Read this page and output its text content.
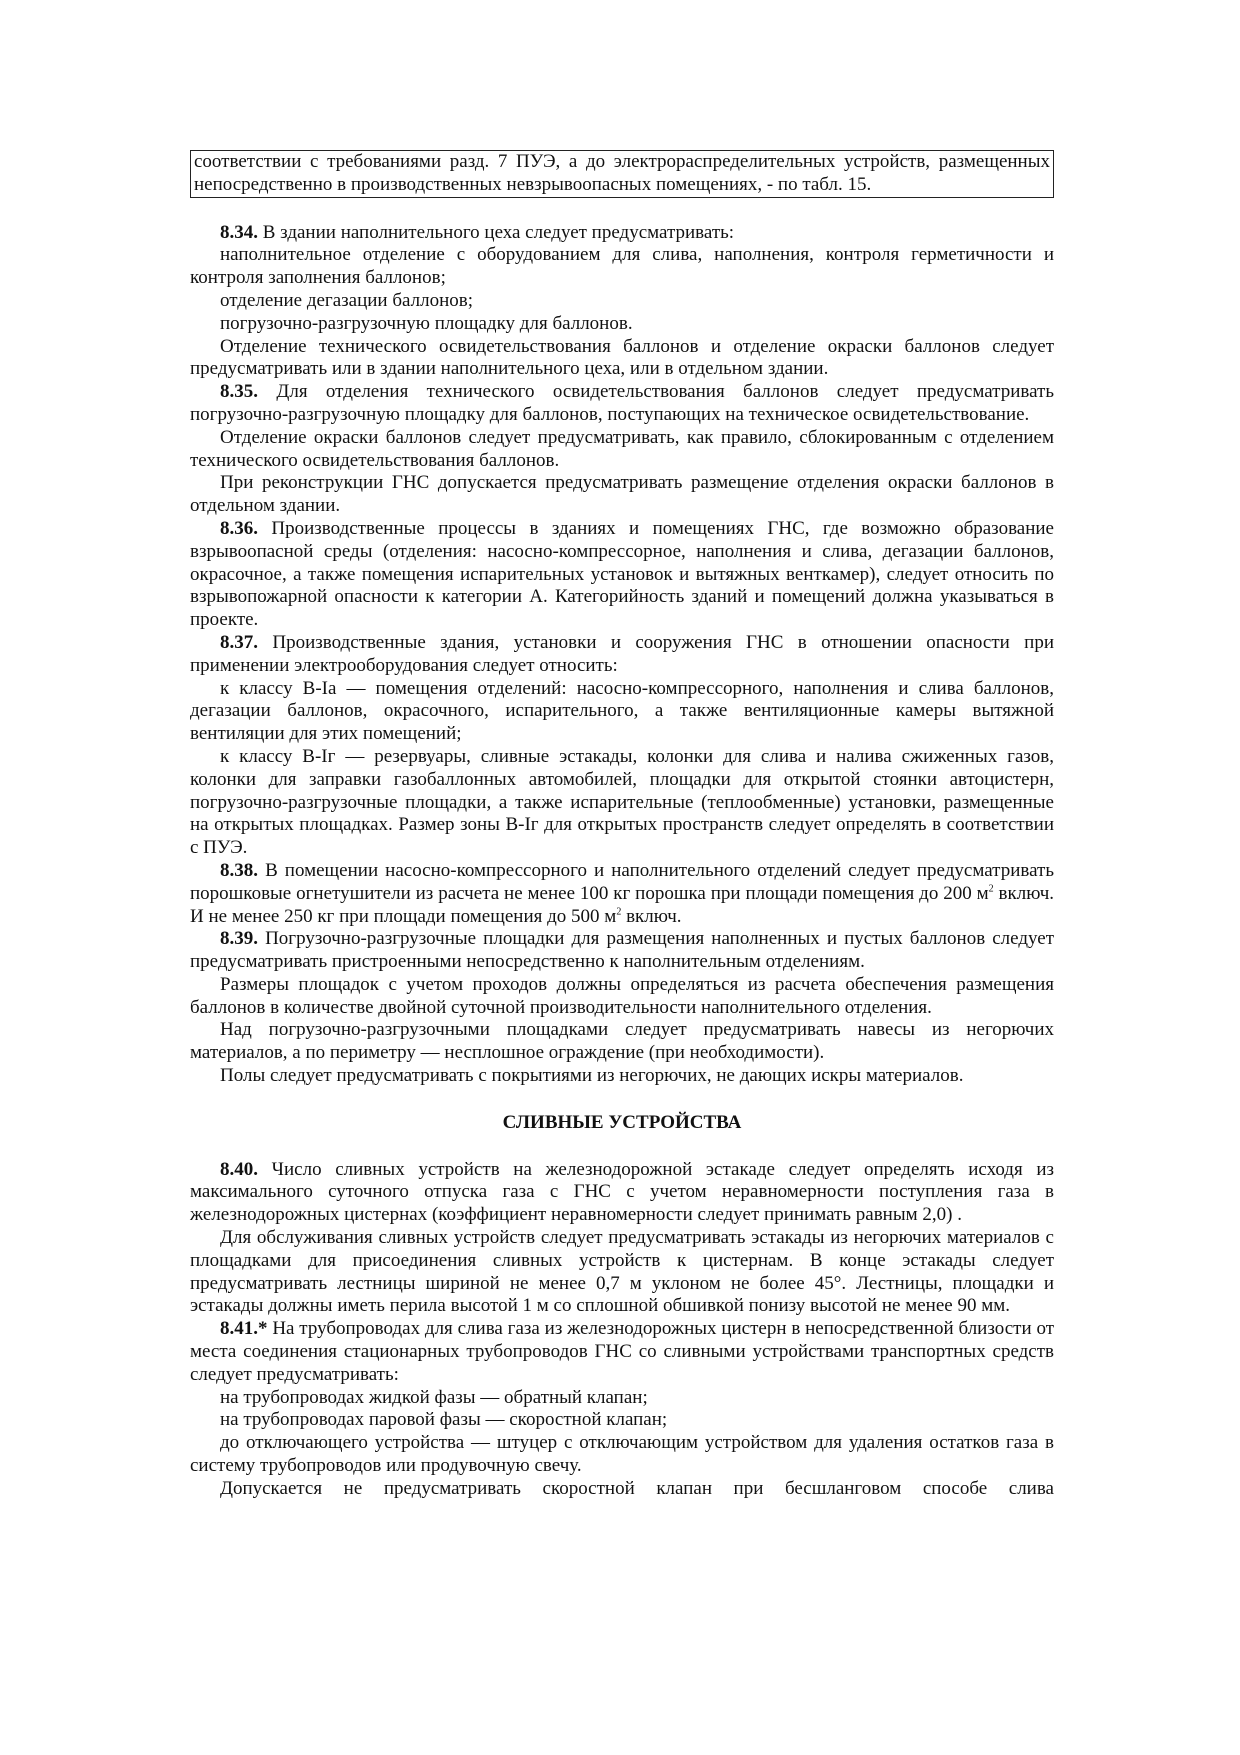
соответствии с требованиями разд. 7 ПУЭ, а до электрораспределительных устройств, размещенных непосредственно в производственных невзрывоопасных помещениях, - по табл. 15.

8.34. В здании наполнительного цеха следует предусматривать:

наполнительное отделение с оборудованием для слива, наполнения, контроля герметичности и контроля заполнения баллонов;

отделение дегазации баллонов;

погрузочно-разгрузочную площадку для баллонов.

Отделение технического освидетельствования баллонов и отделение окраски баллонов следует предусматривать или в здании наполнительного цеха, или в отдельном здании.

8.35. Для отделения технического освидетельствования баллонов следует предусматривать погрузочно-разгрузочную площадку для баллонов, поступающих на техническое освидетельствование.

Отделение окраски баллонов следует предусматривать, как правило, сблокированным с отделением технического освидетельствования баллонов.

При реконструкции ГНС допускается предусматривать размещение отделения окраски баллонов в отдельном здании.

8.36. Производственные процессы в зданиях и помещениях ГНС, где возможно образование взрывоопасной среды (отделения: насосно-компрессорное, наполнения и слива, дегазации баллонов, окрасочное, а также помещения испарительных установок и вытяжных венткамер), следует относить по взрывопожарной опасности к категории А. Категорийность зданий и помещений должна указываться в проекте.

8.37. Производственные здания, установки и сооружения ГНС в отношении опасности при применении электрооборудования следует относить:

к классу В-Iа — помещения отделений: насосно-компрессорного, наполнения и слива баллонов, дегазации баллонов, окрасочного, испарительного, а также вентиляционные камеры вытяжной вентиляции для этих помещений;

к классу В-Iг — резервуары, сливные эстакады, колонки для слива и налива сжиженных газов, колонки для заправки газобаллонных автомобилей, площадки для открытой стоянки автоцистерн, погрузочно-разгрузочные площадки, а также испарительные (теплообменные) установки, размещенные на открытых площадках. Размер зоны В-Iг для открытых пространств следует определять в соответствии с ПУЭ.

8.38. В помещении насосно-компрессорного и наполнительного отделений следует предусматривать порошковые огнетушители из расчета не менее 100 кг порошка при площади помещения до 200 $м^2$ включ. И не менее 250 кг при площади помещения до 500 $м^2$ включ.

8.39. Погрузочно-разгрузочные площадки для размещения наполненных и пустых баллонов следует предусматривать пристроенными непосредственно к наполнительным отделениям.

Размеры площадок с учетом проходов должны определяться из расчета обеспечения размещения баллонов в количестве двойной суточной производительности наполнительного отделения.

Над погрузочно-разгрузочными площадками следует предусматривать навесы из негорючих материалов, а по периметру — несплошное ограждение (при необходимости).

Полы следует предусматривать с покрытиями из негорючих, не дающих искры материалов.

СЛИВНЫЕ УСТРОЙСТВА

8.40. Число сливных устройств на железнодорожной эстакаде следует определять исходя из максимального суточного отпуска газа с ГНС с учетом неравномерности поступления газа в железнодорожных цистернах (коэффициент неравномерности следует принимать равным 2,0) .

Для обслуживания сливных устройств следует предусматривать эстакады из негорючих материалов с площадками для присоединения сливных устройств к цистернам. В конце эстакады следует предусматривать лестницы шириной не менее 0,7 м уклоном не более 45°. Лестницы, площадки и эстакады должны иметь перила высотой 1 м со сплошной обшивкой понизу высотой не менее 90 мм.

8.41.* На трубопроводах для слива газа из железнодорожных цистерн в непосредственной близости от места соединения стационарных трубопроводов ГНС со сливными устройствами транспортных средств следует предусматривать:

на трубопроводах жидкой фазы — обратный клапан;

на трубопроводах паровой фазы — скоростной клапан;

до отключающего устройства — штуцер с отключающим устройством для удаления остатков газа в систему трубопроводов или продувочную свечу.

Допускается не предусматривать скоростной клапан при бесшланговом способе слива
